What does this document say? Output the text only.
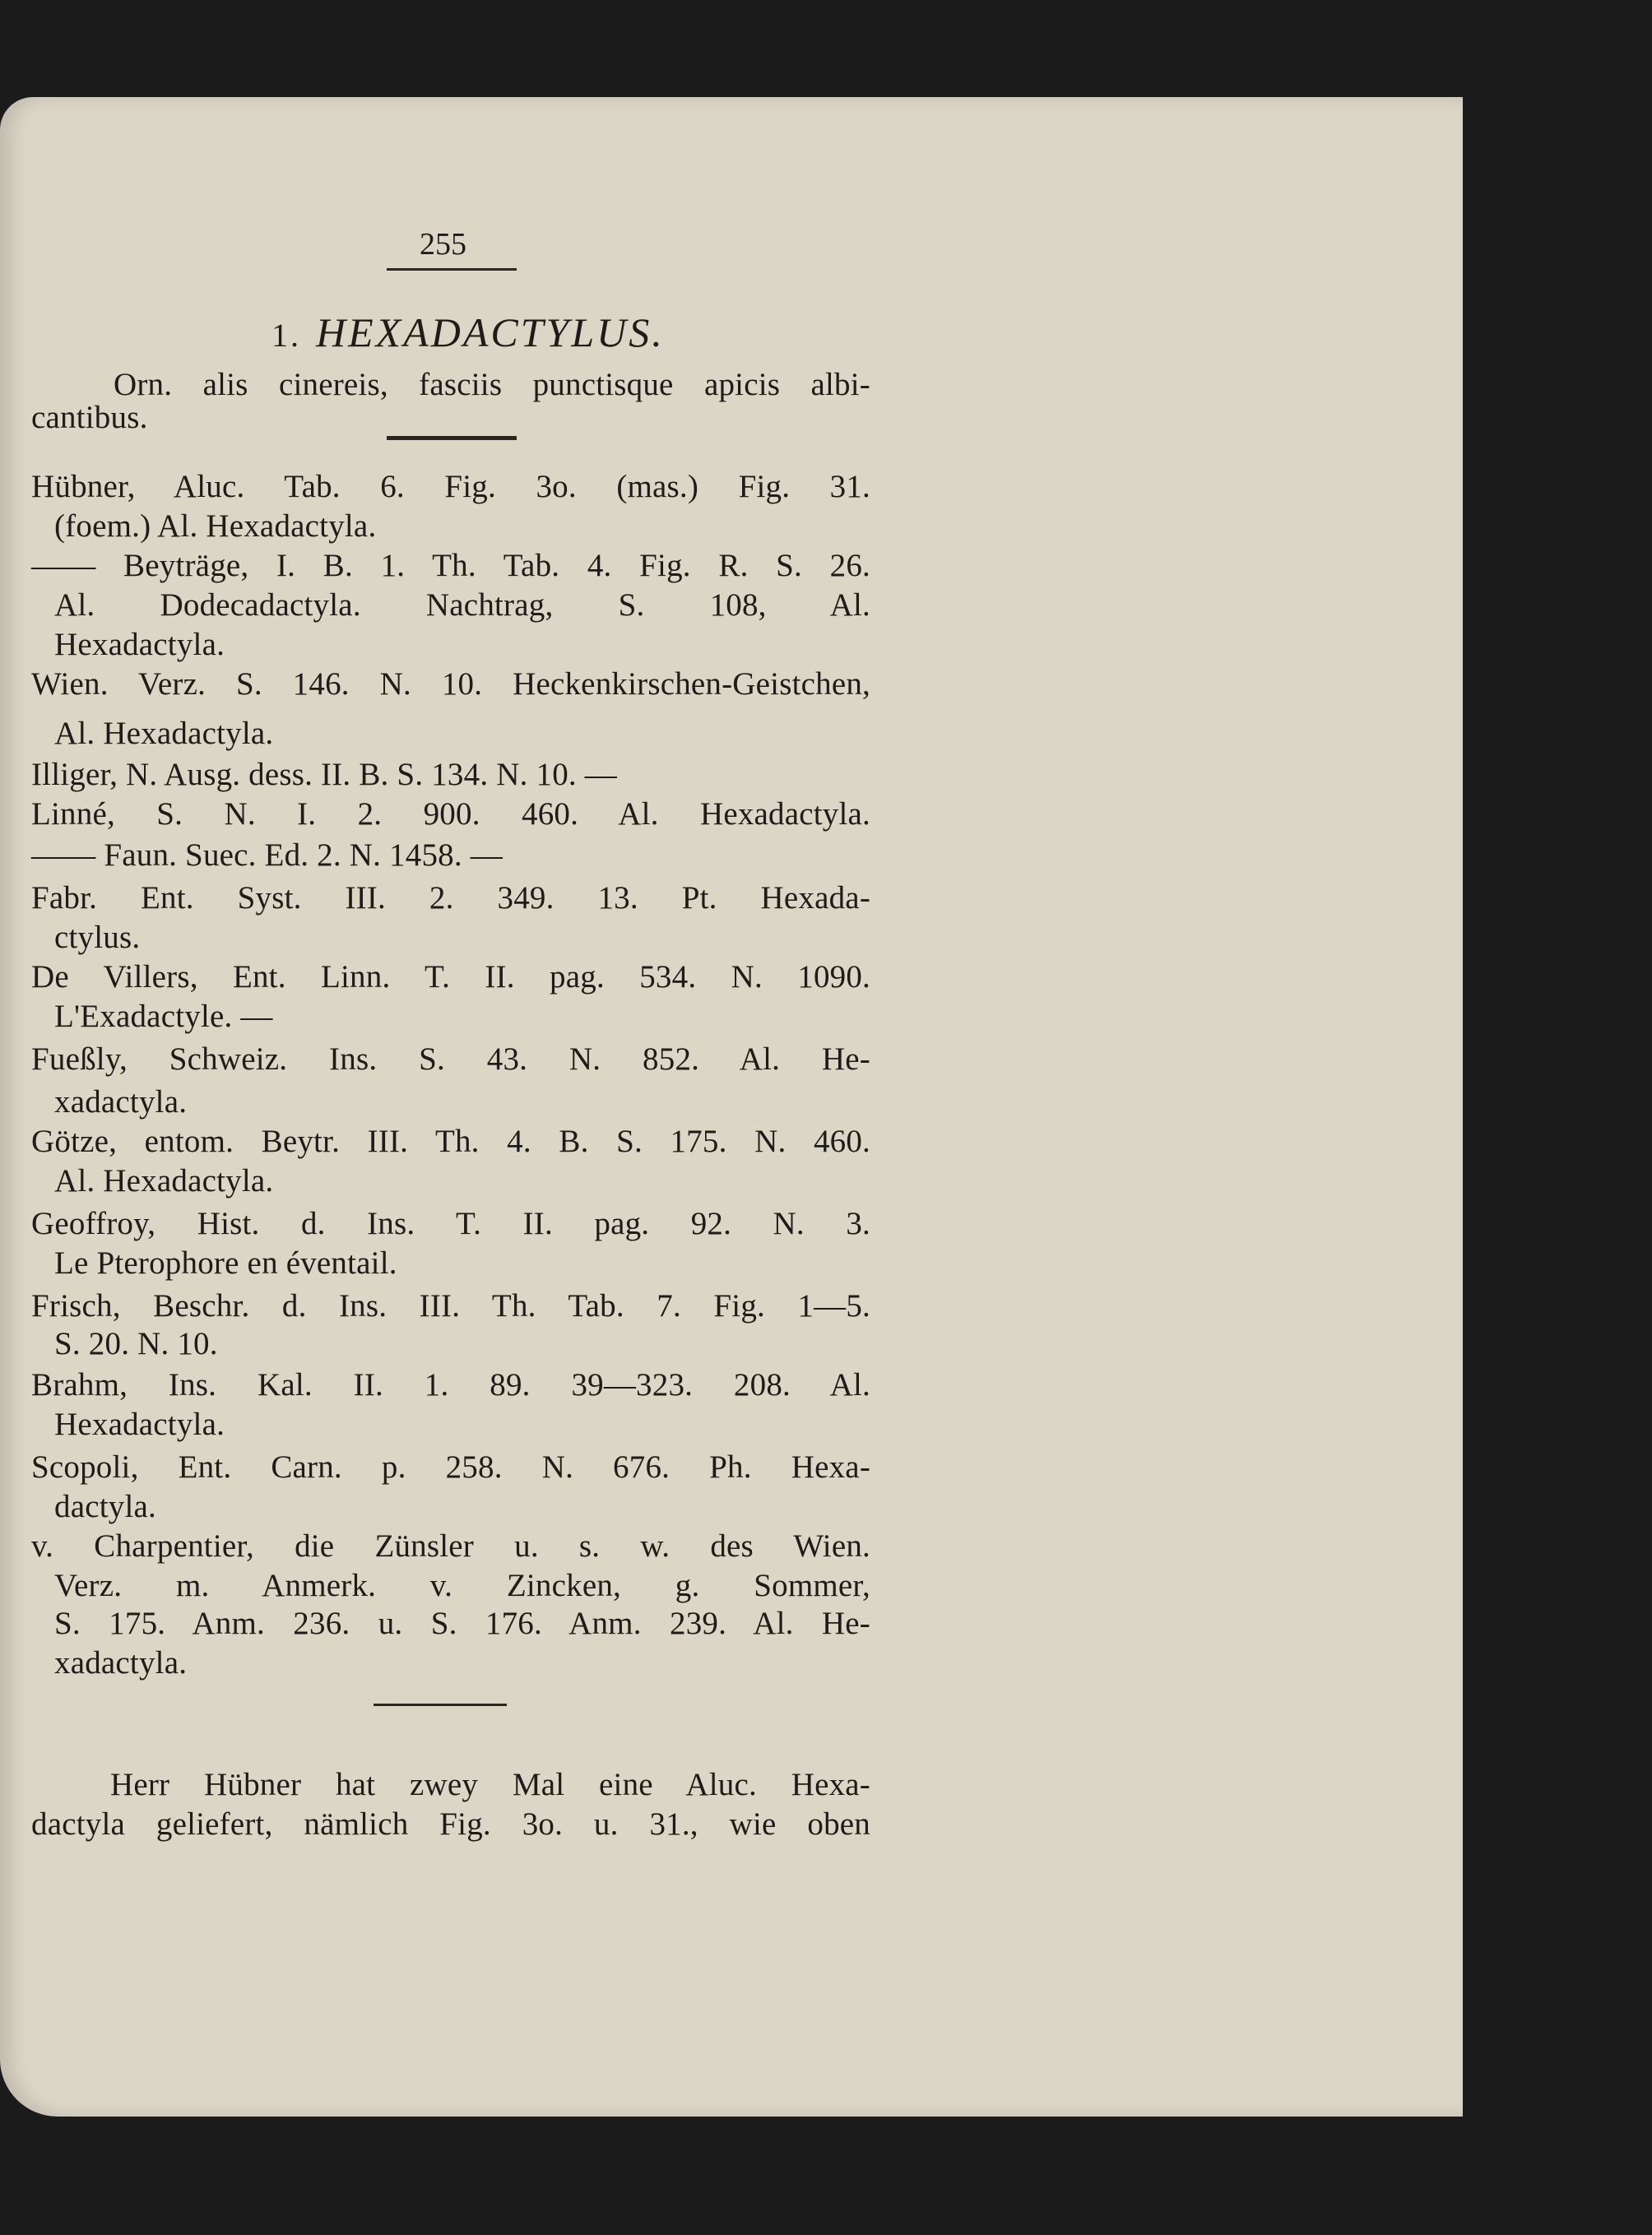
255
1. HEXADACTYLUS.
Orn. alis cinereis, fasciis punctisque apicis albi-
cantibus.
Hübner, Aluc. Tab. 6. Fig. 3o. (mas.) Fig. 31.
(foem.) Al. Hexadactyla.
—— Beyträge, I. B. 1. Th. Tab. 4. Fig. R. S. 26.
Al. Dodecadactyla. Nachtrag, S. 108, Al.
Hexadactyla.
Wien. Verz. S. 146. N. 10. Heckenkirschen-Geistchen,
Al. Hexadactyla.
Illiger, N. Ausg. dess. II. B. S. 134. N. 10. —
Linné, S. N. I. 2. 900. 460. Al. Hexadactyla.
—— Faun. Suec. Ed. 2. N. 1458. —
Fabr. Ent. Syst. III. 2. 349. 13. Pt. Hexada-
ctylus.
De Villers, Ent. Linn. T. II. pag. 534. N. 1090.
L'Exadactyle. —
Fueßly, Schweiz. Ins. S. 43. N. 852. Al. He-
xadactyla.
Götze, entom. Beytr. III. Th. 4. B. S. 175. N. 460.
Al. Hexadactyla.
Geoffroy, Hist. d. Ins. T. II. pag. 92. N. 3.
Le Pterophore en éventail.
Frisch, Beschr. d. Ins. III. Th. Tab. 7. Fig. 1—5.
S. 20. N. 10.
Brahm, Ins. Kal. II. 1. 89. 39—323. 208. Al.
Hexadactyla.
Scopoli, Ent. Carn. p. 258. N. 676. Ph. Hexa-
dactyla.
v. Charpentier, die Zünsler u. s. w. des Wien.
Verz. m. Anmerk. v. Zincken, g. Sommer,
S. 175. Anm. 236. u. S. 176. Anm. 239. Al. He-
xadactyla.
Herr Hübner hat zwey Mal eine Aluc. Hexa-
dactyla geliefert, nämlich Fig. 3o. u. 31., wie oben
